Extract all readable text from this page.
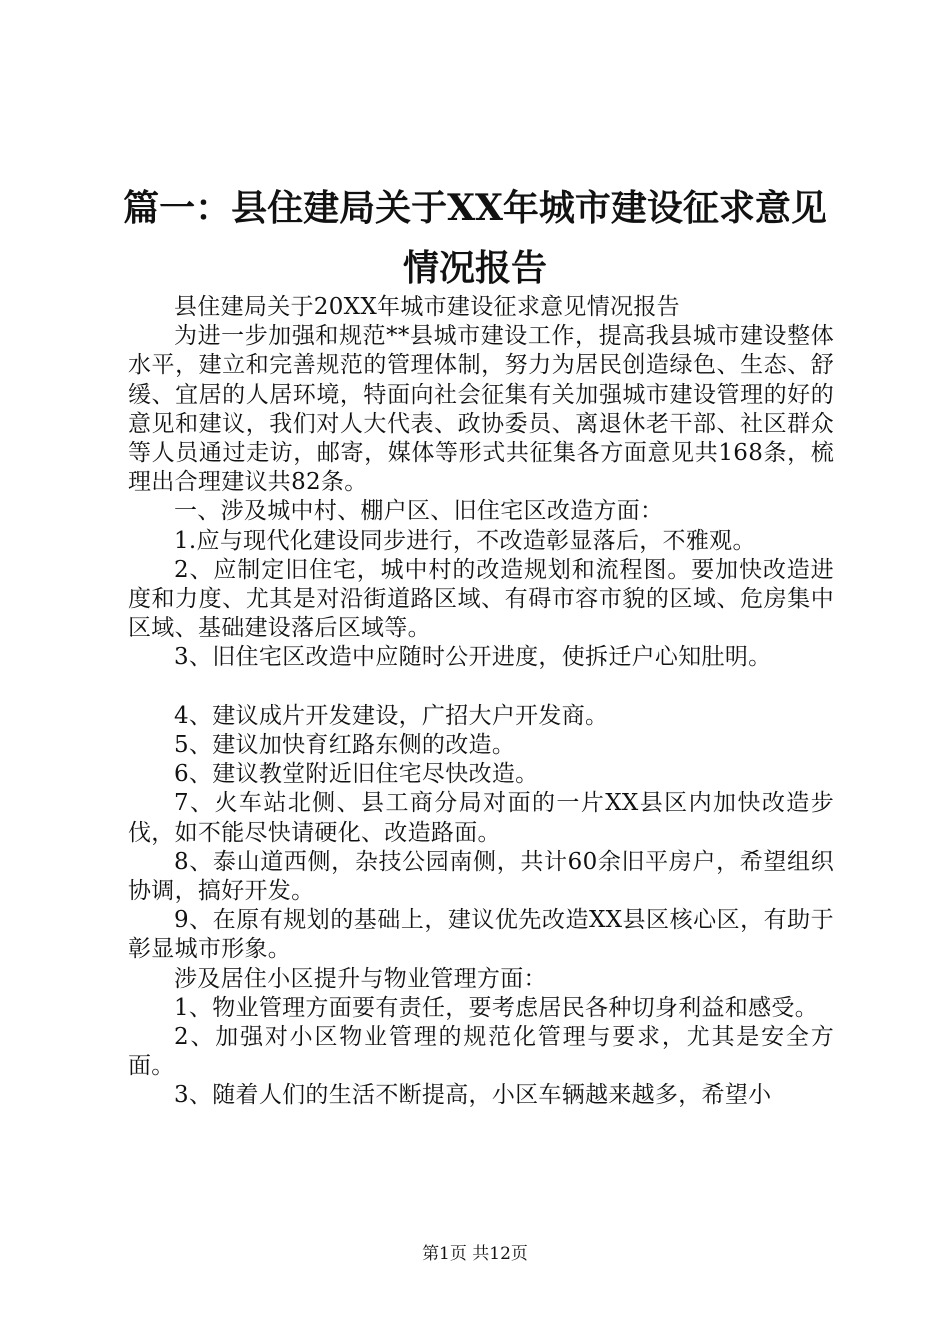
篇一：县住建局关于XX年城市建设征求意见
情况报告

县住建局关于20XX年城市建设征求意见情况报告

为进一步加强和规范**县城市建设工作，提高我县城市建设整体水平，建立和完善规范的管理体制，努力为居民创造绿色、生态、舒缓、宜居的人居环境，特面向社会征集有关加强城市建设管理的好的意见和建议，我们对人大代表、政协委员、离退休老干部、社区群众等人员通过走访，邮寄，媒体等形式共征集各方面意见共168条，梳理出合理建议共82条。

一、涉及城中村、棚户区、旧住宅区改造方面：

1.应与现代化建设同步进行，不改造彰显落后，不雅观。

2、应制定旧住宅，城中村的改造规划和流程图。要加快改造进度和力度、尤其是对沿街道路区域、有碍市容市貌的区域、危房集中区域、基础建设落后区域等。

3、旧住宅区改造中应随时公开进度，使拆迁户心知肚明。

4、建议成片开发建设，广招大户开发商。

5、建议加快育红路东侧的改造。

6、建议教堂附近旧住宅尽快改造。

7、火车站北侧、县工商分局对面的一片XX县区内加快改造步伐，如不能尽快请硬化、改造路面。

8、泰山道西侧，杂技公园南侧，共计60余旧平房户，希望组织协调，搞好开发。

9、在原有规划的基础上，建议优先改造XX县区核心区，有助于彰显城市形象。

涉及居住小区提升与物业管理方面：

1、物业管理方面要有责任，要考虑居民各种切身利益和感受。

2、加强对小区物业管理的规范化管理与要求，尤其是安全方面。

3、随着人们的生活不断提高，小区车辆越来越多，希望小

第1页 共12页
